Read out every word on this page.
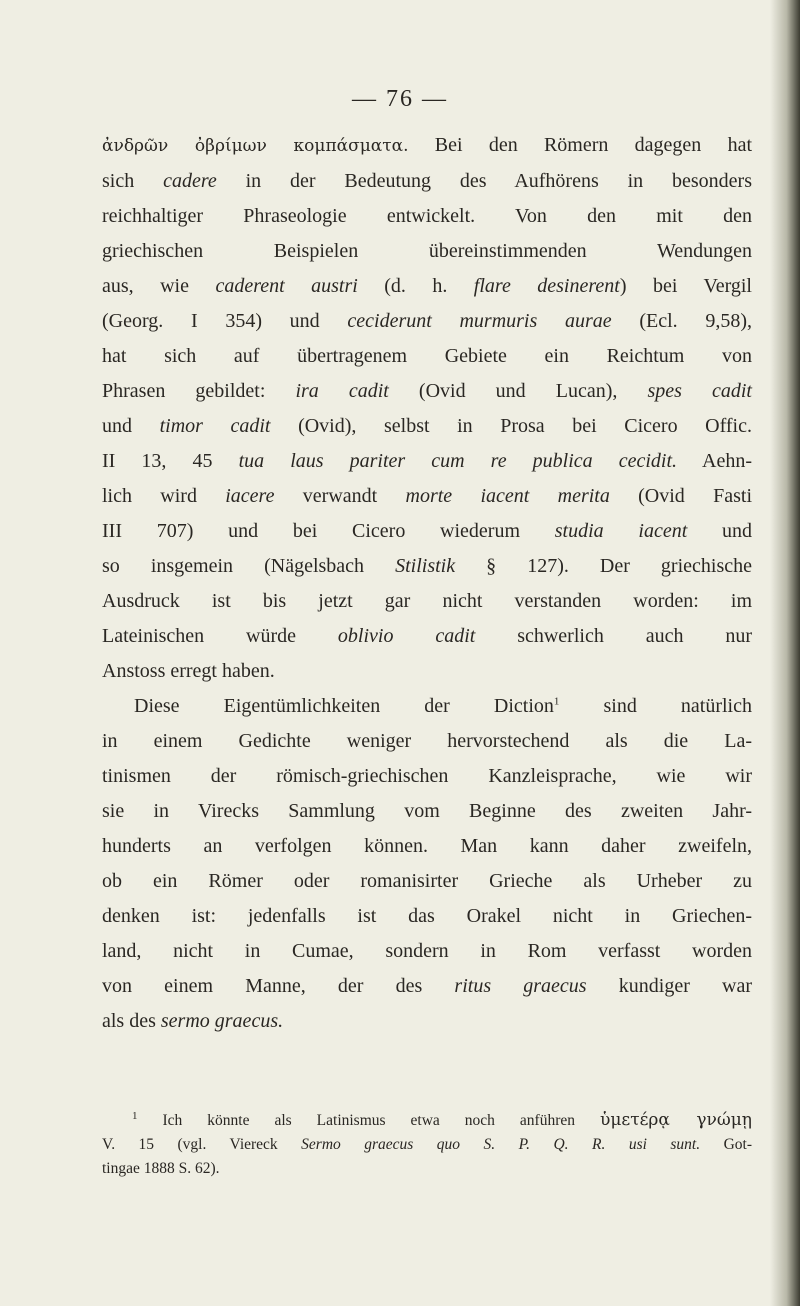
— 76 —
ἀνδρῶν ὀβρίμων κομπάσματα. Bei den Römern dagegen hat
sich cadere in der Bedeutung des Aufhörens in besonders
reichhaltiger Phraseologie entwickelt. Von den mit den
griechischen Beispielen übereinstimmenden Wendungen
aus, wie caderent austri (d. h. flare desinerent) bei Vergil
(Georg. I 354) und ceciderunt murmuris aurae (Ecl. 9,58),
hat sich auf übertragenem Gebiete ein Reichtum von
Phrasen gebildet: ira cadit (Ovid und Lucan), spes cadit
und timor cadit (Ovid), selbst in Prosa bei Cicero Offic.
II 13, 45 tua laus pariter cum re publica cecidit. Aehn-
lich wird iacere verwandt morte iacent merita (Ovid Fasti
III 707) und bei Cicero wiederum studia iacent und
so insgemein (Nägelsbach Stilistik § 127). Der griechische
Ausdruck ist bis jetzt gar nicht verstanden worden: im
Lateinischen würde oblivio cadit schwerlich auch nur
Anstoss erregt haben.
Diese Eigentümlichkeiten der Diction$^1$ sind natürlich
in einem Gedichte weniger hervorstechend als die La-
tinismen der römisch-griechischen Kanzleisprache, wie wir
sie in Virecks Sammlung vom Beginne des zweiten Jahr-
hunderts an verfolgen können. Man kann daher zweifeln,
ob ein Römer oder romanisirter Grieche als Urheber zu
denken ist: jedenfalls ist das Orakel nicht in Griechen-
land, nicht in Cumae, sondern in Rom verfasst worden
von einem Manne, der des ritus graecus kundiger war
als des sermo graecus.
$^1$ Ich könnte als Latinismus etwa noch anführen ὑμετέρᾳ γνώμῃ
V. 15 (vgl. Viereck Sermo graecus quo S. P. Q. R. usi sunt. Got-
tingae 1888 S. 62).
